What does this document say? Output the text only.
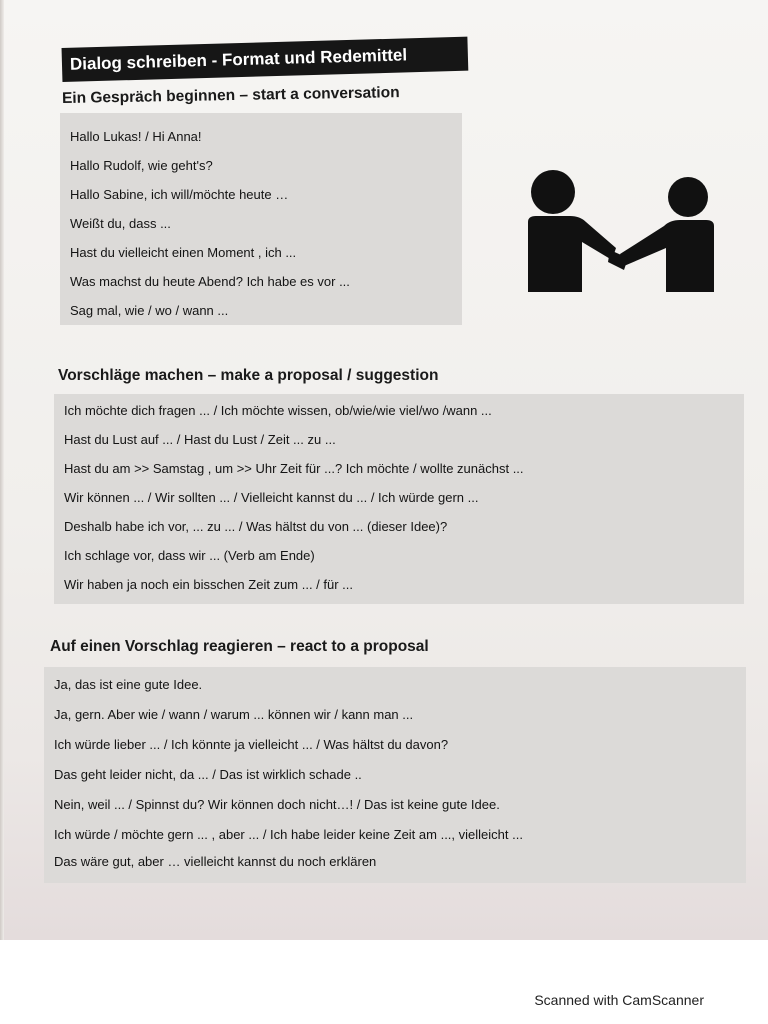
Dialog schreiben - Format und Redemittel
Ein Gespräch beginnen – start a conversation
Hallo Lukas! / Hi Anna!
Hallo Rudolf, wie geht's?
Hallo Sabine, ich will/möchte heute …
Weißt du, dass ...
Hast du vielleicht einen Moment , ich ...
Was machst du heute Abend? Ich habe es vor ...
Sag mal, wie / wo / wann ...
Vorschläge machen – make a proposal / suggestion
Ich möchte dich fragen ... / Ich möchte wissen, ob/wie/wie viel/wo /wann ...
Hast du Lust auf ... / Hast du Lust / Zeit ... zu ...
Hast du am >> Samstag , um >> Uhr Zeit für ...? Ich möchte / wollte zunächst ...
Wir können ... / Wir sollten ... / Vielleicht kannst du ... / Ich würde gern ...
Deshalb habe ich vor, ... zu ... / Was hältst du von ... (dieser Idee)?
Ich schlage vor, dass wir ... (Verb am Ende)
Wir haben ja noch ein bisschen Zeit zum ... / für ...
Auf einen Vorschlag reagieren – react to a proposal
Ja, das ist eine gute Idee.
Ja, gern. Aber wie / wann / warum ... können wir / kann man ...
Ich würde lieber ... / Ich könnte ja vielleicht ... / Was hältst du davon?
Das geht leider nicht, da ... / Das ist wirklich schade ..
Nein, weil ... / Spinnst du? Wir können doch nicht…! / Das ist keine gute Idee.
Ich würde / möchte gern ... , aber ... / Ich habe leider keine Zeit am ..., vielleicht ...
Das wäre gut, aber … vielleicht kannst du noch erklären
Scanned with CamScanner
